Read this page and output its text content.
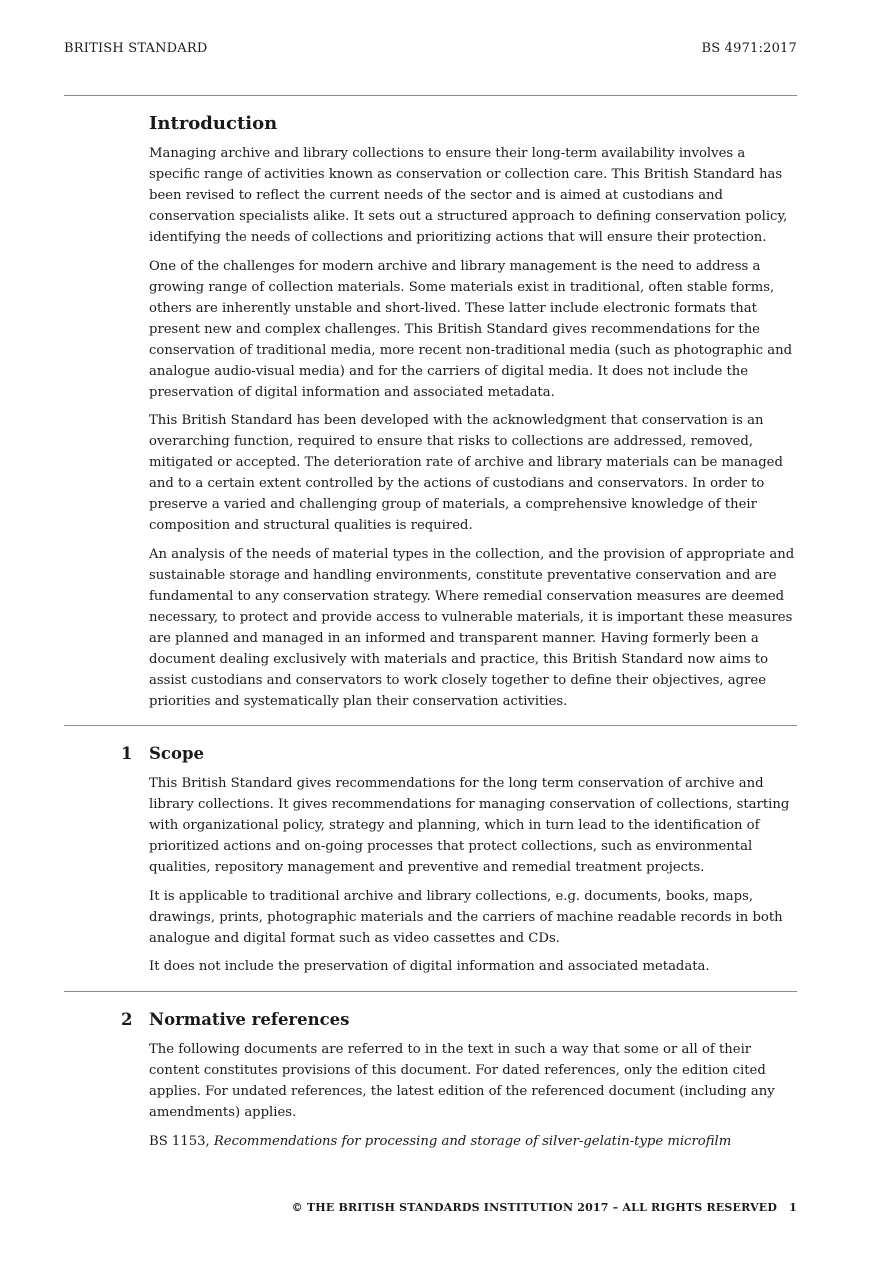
BRITISH STANDARD	BS 4971:2017
Introduction

Managing archive and library collections to ensure their long-term availability involves a specific range of activities known as conservation or collection care. This British Standard has been revised to reflect the current needs of the sector and is aimed at custodians and conservation specialists alike. It sets out a structured approach to defining conservation policy, identifying the needs of collections and prioritizing actions that will ensure their protection.

One of the challenges for modern archive and library management is the need to address a growing range of collection materials. Some materials exist in traditional, often stable forms, others are inherently unstable and short-lived. These latter include electronic formats that present new and complex challenges. This British Standard gives recommendations for the conservation of traditional media, more recent non-traditional media (such as photographic and analogue audio-visual media) and for the carriers of digital media. It does not include the preservation of digital information and associated metadata.

This British Standard has been developed with the acknowledgment that conservation is an overarching function, required to ensure that risks to collections are addressed, removed, mitigated or accepted. The deterioration rate of archive and library materials can be managed and to a certain extent controlled by the actions of custodians and conservators. In order to preserve a varied and challenging group of materials, a comprehensive knowledge of their composition and structural qualities is required.

An analysis of the needs of material types in the collection, and the provision of appropriate and sustainable storage and handling environments, constitute preventative conservation and are fundamental to any conservation strategy. Where remedial conservation measures are deemed necessary, to protect and provide access to vulnerable materials, it is important these measures are planned and managed in an informed and transparent manner. Having formerly been a document dealing exclusively with materials and practice, this British Standard now aims to assist custodians and conservators to work closely together to define their objectives, agree priorities and systematically plan their conservation activities.

1 Scope

This British Standard gives recommendations for the long term conservation of archive and library collections. It gives recommendations for managing conservation of collections, starting with organizational policy, strategy and planning, which in turn lead to the identification of prioritized actions and on-going processes that protect collections, such as environmental qualities, repository management and preventive and remedial treatment projects.

It is applicable to traditional archive and library collections, e.g. documents, books, maps, drawings, prints, photographic materials and the carriers of machine readable records in both analogue and digital format such as video cassettes and CDs.

It does not include the preservation of digital information and associated metadata.

2 Normative references

The following documents are referred to in the text in such a way that some or all of their content constitutes provisions of this document. For dated references, only the edition cited applies. For undated references, the latest edition of the referenced document (including any amendments) applies.

BS 1153, Recommendations for processing and storage of silver-gelatin-type microfilm

© THE BRITISH STANDARDS INSTITUTION 2017 – ALL RIGHTS RESERVED 1
